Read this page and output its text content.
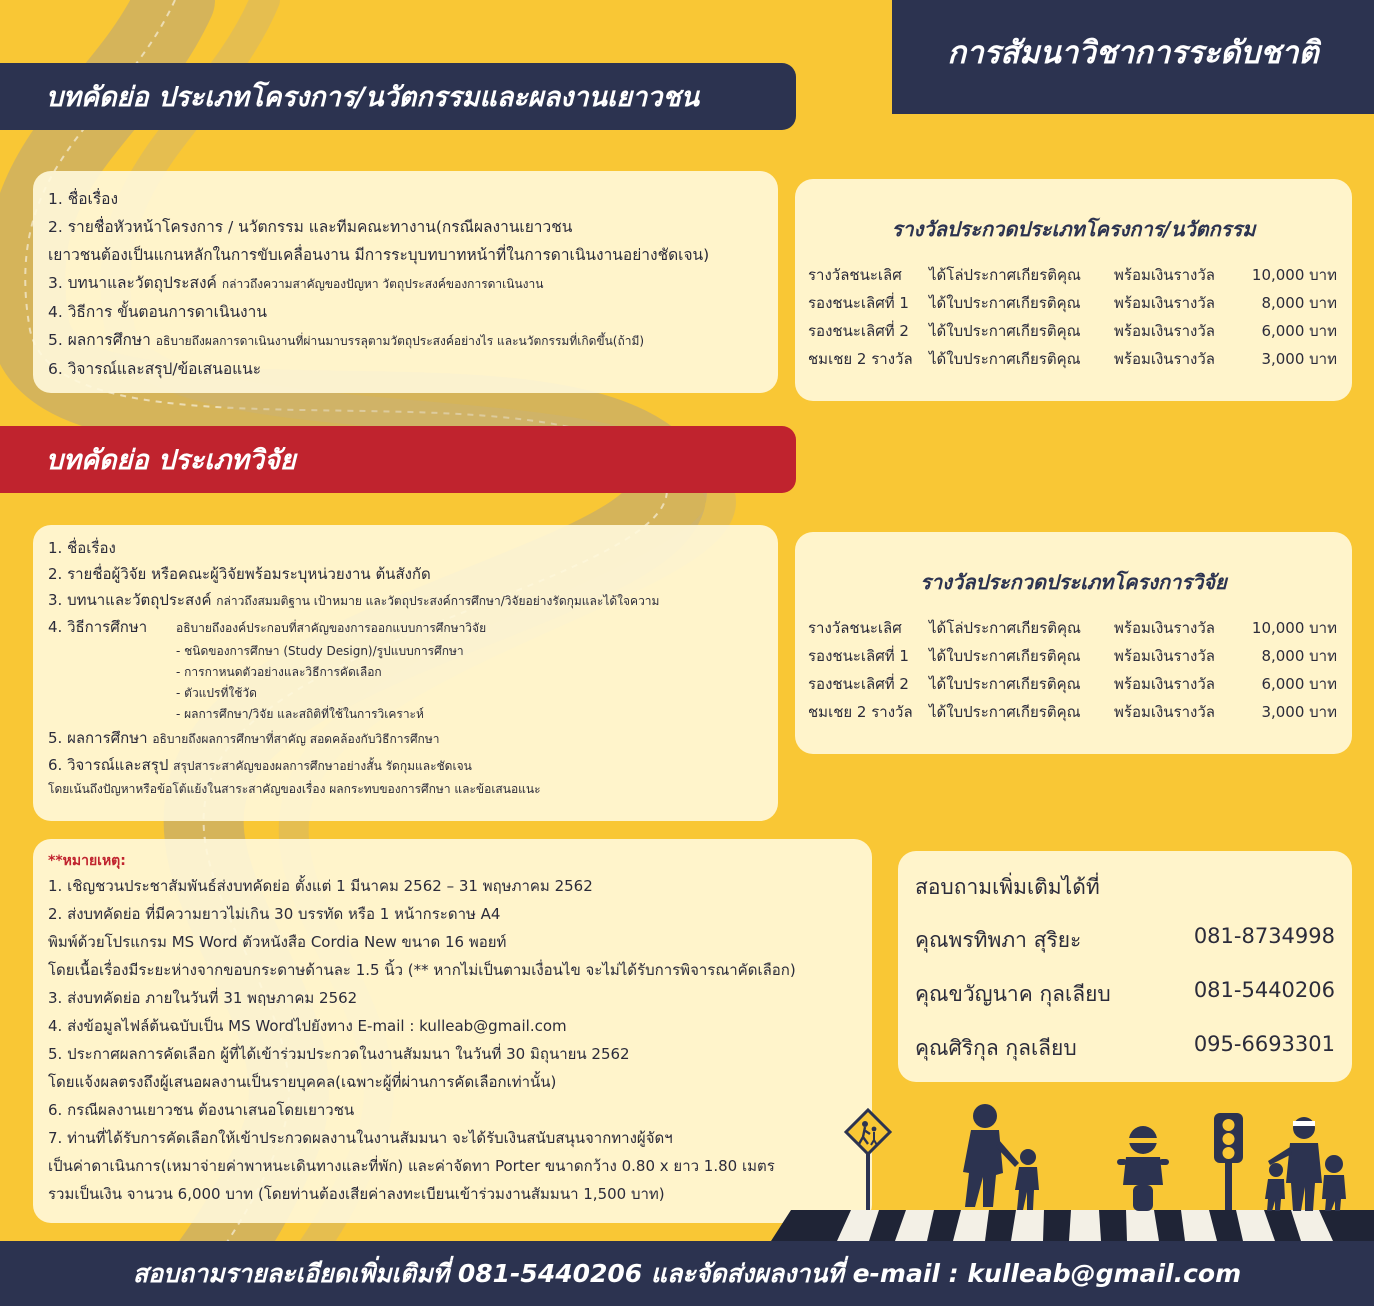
การสัมนาวิชาการระดับชาติ
บทคัดย่อ ประเภทโครงการ/นวัตกรรมและผลงานเยาวชน
บทคัดย่อ ประเภทวิจัย
1. ชื่อเรื่อง
2. รายชื่อหัวหน้าโครงการ / นวัตกรรม และทีมคณะทางาน(กรณีผลงานเยาวชน
เยาวชนต้องเป็นแกนหลักในการขับเคลื่อนงาน มีการระบุบทบาทหน้าที่ในการดาเนินงานอย่างชัดเจน)
3. บทนาและวัตถุประสงค์ กล่าวถึงความสาคัญของปัญหา วัตถุประสงค์ของการดาเนินงาน
4. วิธีการ ขั้นตอนการดาเนินงาน
5. ผลการศึกษา อธิบายถึงผลการดาเนินงานที่ผ่านมาบรรลุตามวัตถุประสงค์อย่างไร และนวัตกรรมที่เกิดขึ้น(ถ้ามี)
6. วิจารณ์และสรุป/ข้อเสนอแนะ
1. ชื่อเรื่อง
2. รายชื่อผู้วิจัย หรือคณะผู้วิจัยพร้อมระบุหน่วยงาน ต้นสังกัด
3. บทนาและวัตถุประสงค์ กล่าวถึงสมมติฐาน เป้าหมาย และวัตถุประสงค์การศึกษา/วิจัยอย่างรัดกุมและได้ใจความ
4. วิธีการศึกษา อธิบายถึงองค์ประกอบที่สาคัญของการออกแบบการศึกษาวิจัย
- ชนิดของการศึกษา (Study Design)/รูปแบบการศึกษา
- การกาหนดตัวอย่างและวิธีการคัดเลือก
- ตัวแปรที่ใช้วัด
- ผลการศึกษา/วิจัย และสถิติที่ใช้ในการวิเคราะห์
5. ผลการศึกษา อธิบายถึงผลการศึกษาที่สาคัญ สอดคล้องกับวิธีการศึกษา
6. วิจารณ์และสรุป สรุปสาระสาคัญของผลการศึกษาอย่างสั้น รัดกุมและชัดเจน
โดยเน้นถึงปัญหาหรือข้อโต้แย้งในสาระสาคัญของเรื่อง ผลกระทบของการศึกษา และข้อเสนอแนะ
รางวัลประกวดประเภทโครงการ/นวัตกรรม
รางวัลชนะเลิศ	ได้โล่ประกาศเกียรติคุณ	พร้อมเงินรางวัล	10,000 บาท
รองชนะเลิศที่ 1	ได้ใบประกาศเกียรติคุณ	พร้อมเงินรางวัล	8,000 บาท
รองชนะเลิศที่ 2	ได้ใบประกาศเกียรติคุณ	พร้อมเงินรางวัล	6,000 บาท
ชมเชย 2 รางวัล	ได้ใบประกาศเกียรติคุณ	พร้อมเงินรางวัล	3,000 บาท
รางวัลประกวดประเภทโครงการวิจัย
รางวัลชนะเลิศ	ได้โล่ประกาศเกียรติคุณ	พร้อมเงินรางวัล	10,000 บาท
รองชนะเลิศที่ 1	ได้ใบประกาศเกียรติคุณ	พร้อมเงินรางวัล	8,000 บาท
รองชนะเลิศที่ 2	ได้ใบประกาศเกียรติคุณ	พร้อมเงินรางวัล	6,000 บาท
ชมเชย 2 รางวัล	ได้ใบประกาศเกียรติคุณ	พร้อมเงินรางวัล	3,000 บาท
**หมายเหตุ:
1. เชิญชวนประชาสัมพันธ์ส่งบทคัดย่อ ตั้งแต่ 1 มีนาคม 2562 – 31 พฤษภาคม 2562
2. ส่งบทคัดย่อ ที่มีความยาวไม่เกิน 30 บรรทัด หรือ 1 หน้ากระดาษ A4
พิมพ์ด้วยโปรแกรม MS Word ตัวหนังสือ Cordia New ขนาด 16 พอยท์
โดยเนื้อเรื่องมีระยะห่างจากขอบกระดาษด้านละ 1.5 นิ้ว (** หากไม่เป็นตามเงื่อนไข จะไม่ได้รับการพิจารณาคัดเลือก)
3. ส่งบทคัดย่อ ภายในวันที่ 31 พฤษภาคม 2562
4. ส่งข้อมูลไฟล์ต้นฉบับเป็น MS Wordไปยังทาง E-mail : kulleab@gmail.com
5. ประกาศผลการคัดเลือก ผู้ที่ได้เข้าร่วมประกวดในงานสัมมนา ในวันที่ 30 มิถุนายน 2562
โดยแจ้งผลตรงถึงผู้เสนอผลงานเป็นรายบุคคล(เฉพาะผู้ที่ผ่านการคัดเลือกเท่านั้น)
6. กรณีผลงานเยาวชน ต้องนาเสนอโดยเยาวชน
7. ท่านที่ได้รับการคัดเลือกให้เข้าประกวดผลงานในงานสัมมนา จะได้รับเงินสนับสนุนจากทางผู้จัดฯ
เป็นค่าดาเนินการ(เหมาจ่ายค่าพาหนะเดินทางและที่พัก) และค่าจัดทา Porter ขนาดกว้าง 0.80 x ยาว 1.80 เมตร
รวมเป็นเงิน จานวน 6,000 บาท (โดยท่านต้องเสียค่าลงทะเบียนเข้าร่วมงานสัมมนา 1,500 บาท)
สอบถามเพิ่มเติมได้ที่
คุณพรทิพภา สุริยะ	081-8734998
คุณขวัญนาค กุลเลียบ	081-5440206
คุณศิริกุล กุลเลียบ	095-6693301
สอบถามรายละเอียดเพิ่มเติมที่ 081-5440206 และจัดส่งผลงานที่ e-mail : kulleab@gmail.com
